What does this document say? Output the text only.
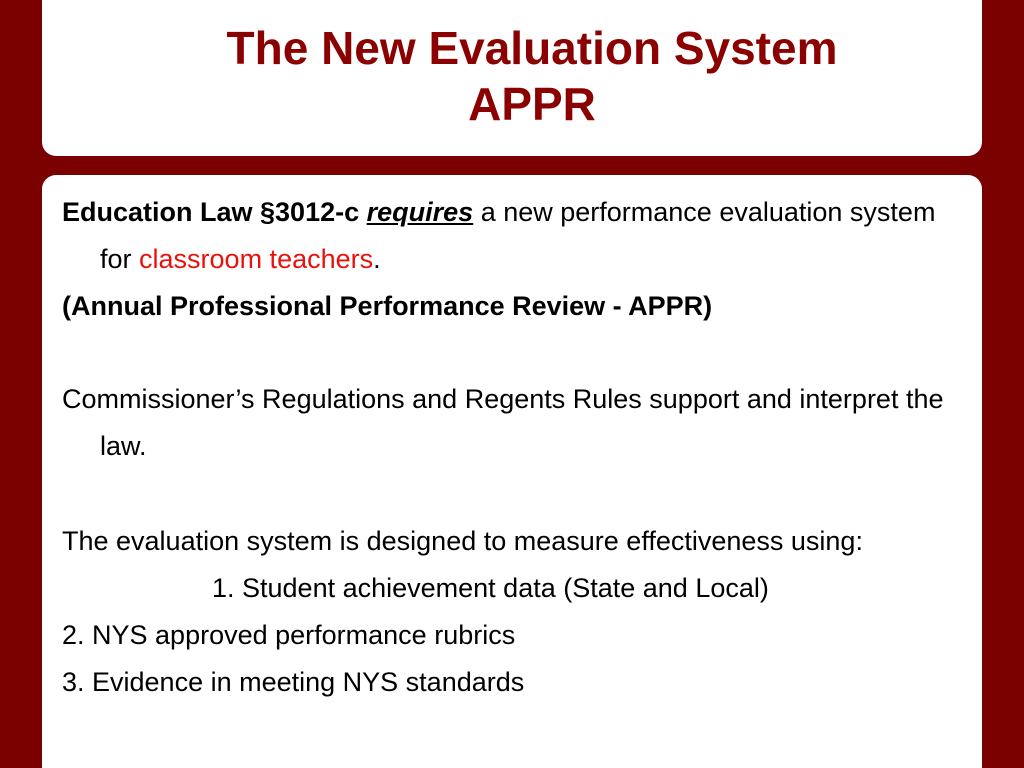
The New Evaluation System
APPR

Education Law §3012-c requires a new performance evaluation system for classroom teachers.

(Annual Professional Performance Review - APPR)

Commissioner’s Regulations and Regents Rules support and interpret the law.

The evaluation system is designed to measure effectiveness using:

1. Student achievement data (State and Local)

2. NYS approved performance rubrics

3. Evidence in meeting NYS standards
